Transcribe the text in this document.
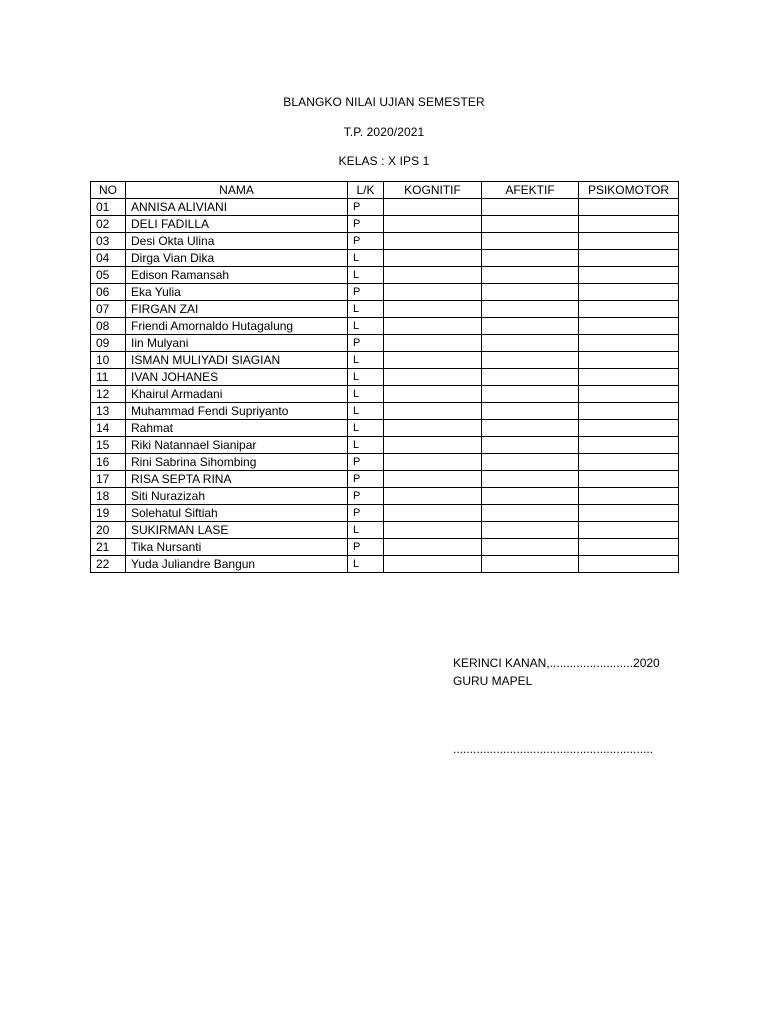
BLANGKO NILAI UJIAN SEMESTER
T.P. 2020/2021
KELAS : X IPS 1
NO	NAMA	L/K	KOGNITIF	AFEKTIF	PSIKOMOTOR
01	ANNISA ALIVIANI	P			
02	DELI FADILLA	P			
03	Desi Okta Ulina	P			
04	Dirga Vian Dika	L			
05	Edison Ramansah	L			
06	Eka Yulia	P			
07	FIRGAN ZAI	L			
08	Friendi Amornaldo Hutagalung	L			
09	Iin Mulyani	P			
10	ISMAN MULIYADI SIAGIAN	L			
11	IVAN JOHANES	L			
12	Khairul Armadani	L			
13	Muhammad Fendi Supriyanto	L			
14	Rahmat	L			
15	Riki Natannael Sianipar	L			
16	Rini Sabrina Sihombing	P			
17	RISA SEPTA RINA	P			
18	Siti Nurazizah	P			
19	Solehatul Siftiah	P			
20	SUKIRMAN LASE	L			
21	Tika Nursanti	P			
22	Yuda Juliandre Bangun	L			
KERINCI KANAN,.........................2020
GURU MAPEL
............................................................
